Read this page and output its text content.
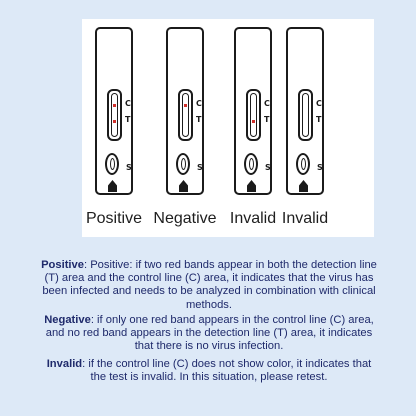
C
T
S
C
T
S
C
T
S
C
T
S
Positive Negative Invalid Invalid
Positive: Positive: if two red bands appear in both the detection line (T) area and the control line (C) area, it indicates that the virus has been infected and needs to be analyzed in combination with clinical methods.
Negative: if only one red band appears in the control line (C) area, and no red band appears in the detection line (T) area, it indicates that there is no virus infection.
Invalid: if the control line (C) does not show color, it indicates that the test is invalid. In this situation, please retest.
